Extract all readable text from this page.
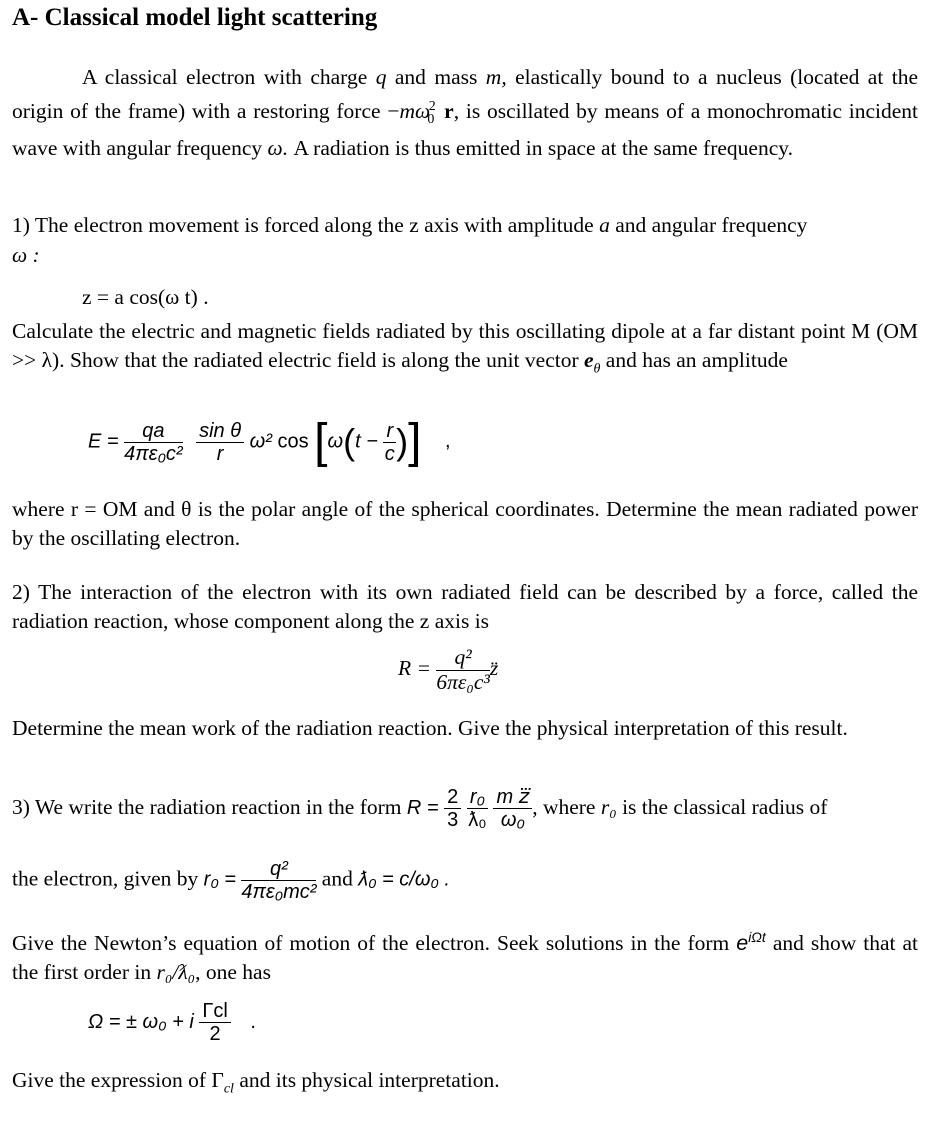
A- Classical model light scattering
A classical electron with charge q and mass m, elastically bound to a nucleus (located at the origin of the frame) with a restoring force $-m\omega_0^2$ r, is oscillated by means of a monochromatic incident wave with angular frequency ω. A radiation is thus emitted in space at the same frequency.
1) The electron movement is forced along the z axis with amplitude a and angular frequency
ω :
z = a cos(ω t) .
Calculate the electric and magnetic fields radiated by this oscillating dipole at a far distant point M (OM >> λ). Show that the radiated electric field is along the unit vector $e_\theta$ and has an amplitude
$E = \frac{qa}{\text{4πε₀c²}}$
$\frac{\text{sin θ}}{r} \omega^2$ $\cos [\omega(t - \frac{r}{c}$ )] ,
where r = OM and θ is the polar angle of the spherical coordinates. Determine the mean radiated power by the oscillating electron.
2) The interaction of the electron with its own radiated field can be described by a force, called the radiation reaction, whose component along the z axis is
$R = \frac{\text{q²}}{\text{6πε₀c³}}$ z̈
Determine the mean work of the radiation reaction. Give the physical interpretation of this result.
3) We write the radiation reaction in the form $R = \frac{2}{3}$
$\frac{\text{r₀}}{\text{ƛ₀}}$
$\frac{\text{m z⃛}}{\text{ω₀}}$ , where r₀ is the classical radius of
the electron, given by $r_0 = \frac{\text{q²}}{\text{4πε₀mc²}}$ and ƛ₀ = c/ω₀ .
Give the Newton’s equation of motion of the electron. Seek solutions in the form $e^{i\Omega t}$ and show that at the first order in r₀/ƛ₀, one has
Ω = ± ω₀ + i $\frac{\text{Γcl}}{2}$ .
Give the expression of $\Gamma_{cl}$ and its physical interpretation.
